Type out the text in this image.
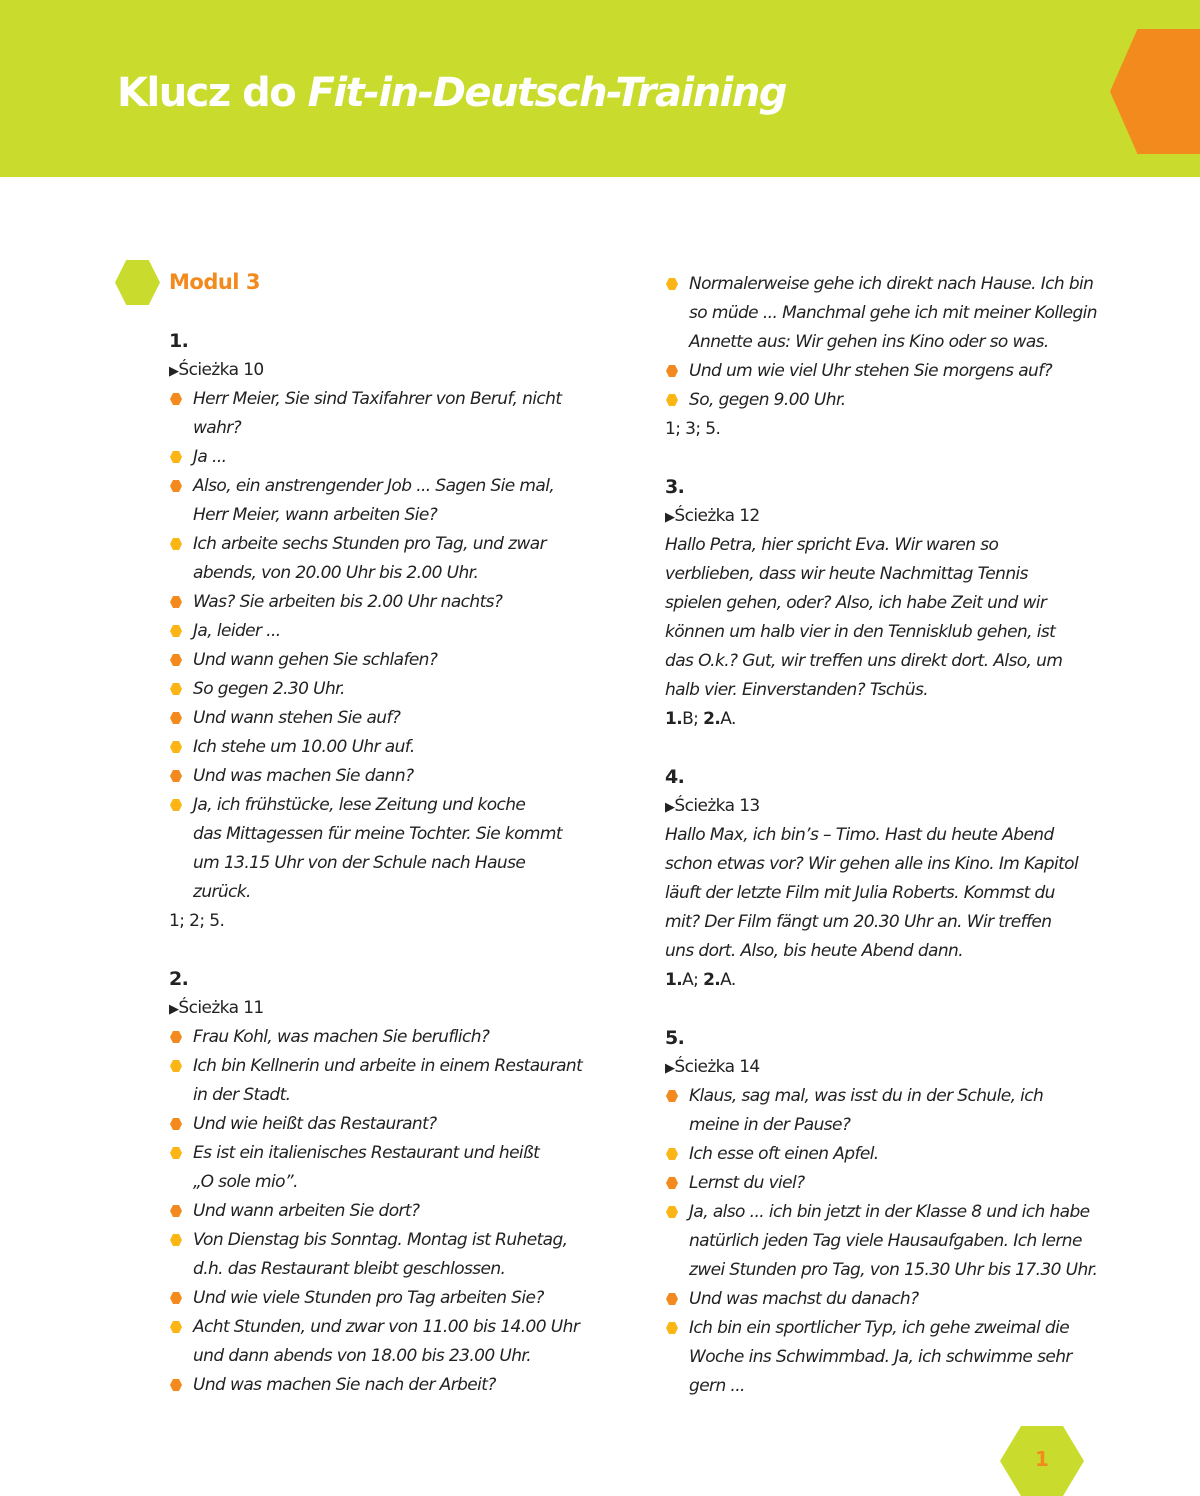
Klucz do Fit-in-Deutsch-Training
Modul 3
1.
▶Ścieżka 10
Herr Meier, Sie sind Taxifahrer von Beruf, nicht
wahr?
Ja ...
Also, ein anstrengender Job ... Sagen Sie mal,
Herr Meier, wann arbeiten Sie?
Ich arbeite sechs Stunden pro Tag, und zwar
abends, von 20.00 Uhr bis 2.00 Uhr.
Was? Sie arbeiten bis 2.00 Uhr nachts?
Ja, leider ...
Und wann gehen Sie schlafen?
So gegen 2.30 Uhr.
Und wann stehen Sie auf?
Ich stehe um 10.00 Uhr auf.
Und was machen Sie dann?
Ja, ich frühstücke, lese Zeitung und koche
das Mittagessen für meine Tochter. Sie kommt
um 13.15 Uhr von der Schule nach Hause
zurück.
1; 2; 5.
2.
▶Ścieżka 11
Frau Kohl, was machen Sie beruflich?
Ich bin Kellnerin und arbeite in einem Restaurant
in der Stadt.
Und wie heißt das Restaurant?
Es ist ein italienisches Restaurant und heißt
„O sole mio”.
Und wann arbeiten Sie dort?
Von Dienstag bis Sonntag. Montag ist Ruhetag,
d.h. das Restaurant bleibt geschlossen.
Und wie viele Stunden pro Tag arbeiten Sie?
Acht Stunden, und zwar von 11.00 bis 14.00 Uhr
und dann abends von 18.00 bis 23.00 Uhr.
Und was machen Sie nach der Arbeit?
Normalerweise gehe ich direkt nach Hause. Ich bin
so müde ... Manchmal gehe ich mit meiner Kollegin
Annette aus: Wir gehen ins Kino oder so was.
Und um wie viel Uhr stehen Sie morgens auf?
So, gegen 9.00 Uhr.
1; 3; 5.
3.
▶Ścieżka 12
Hallo Petra, hier spricht Eva. Wir waren so
verblieben, dass wir heute Nachmittag Tennis
spielen gehen, oder? Also, ich habe Zeit und wir
können um halb vier in den Tennisklub gehen, ist
das O.k.? Gut, wir treffen uns direkt dort. Also, um
halb vier. Einverstanden? Tschüs.
1.B; 2.A.
4.
▶Ścieżka 13
Hallo Max, ich bin’s – Timo. Hast du heute Abend
schon etwas vor? Wir gehen alle ins Kino. Im Kapitol
läuft der letzte Film mit Julia Roberts. Kommst du
mit? Der Film fängt um 20.30 Uhr an. Wir treffen
uns dort. Also, bis heute Abend dann.
1.A; 2.A.
5.
▶Ścieżka 14
Klaus, sag mal, was isst du in der Schule, ich
meine in der Pause?
Ich esse oft einen Apfel.
Lernst du viel?
Ja, also ... ich bin jetzt in der Klasse 8 und ich habe
natürlich jeden Tag viele Hausaufgaben. Ich lerne
zwei Stunden pro Tag, von 15.30 Uhr bis 17.30 Uhr.
Und was machst du danach?
Ich bin ein sportlicher Typ, ich gehe zweimal die
Woche ins Schwimmbad. Ja, ich schwimme sehr
gern ...
1
